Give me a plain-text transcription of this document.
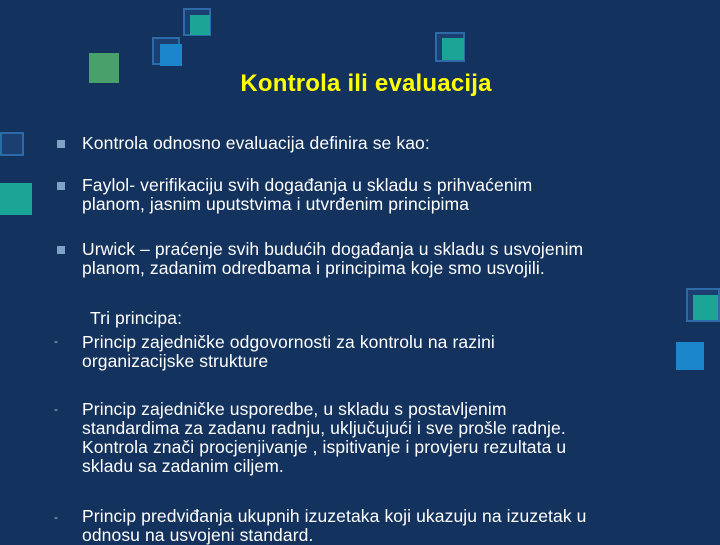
Kontrola ili evaluacija
Kontrola odnosno evaluacija definira se kao:
Faylol- verifikaciju svih događanja u skladu s prihvaćenim
planom, jasnim uputstvima i utvrđenim principima
Urwick – praćenje svih budućih događanja u skladu s usvojenim
planom, zadanim odredbama i principima koje smo usvojili.
Tri principa:
- Princip zajedničke odgovornosti za kontrolu na razini
organizacijske strukture
- Princip zajedničke usporedbe, u skladu s postavljenim
standardima za zadanu radnju, uključujući i sve prošle radnje.
Kontrola znači procjenjivanje , ispitivanje i provjeru rezultata u
skladu sa zadanim ciljem.
- Princip predviđanja ukupnih izuzetaka koji ukazuju na izuzetak u
odnosu na usvojeni standard.
